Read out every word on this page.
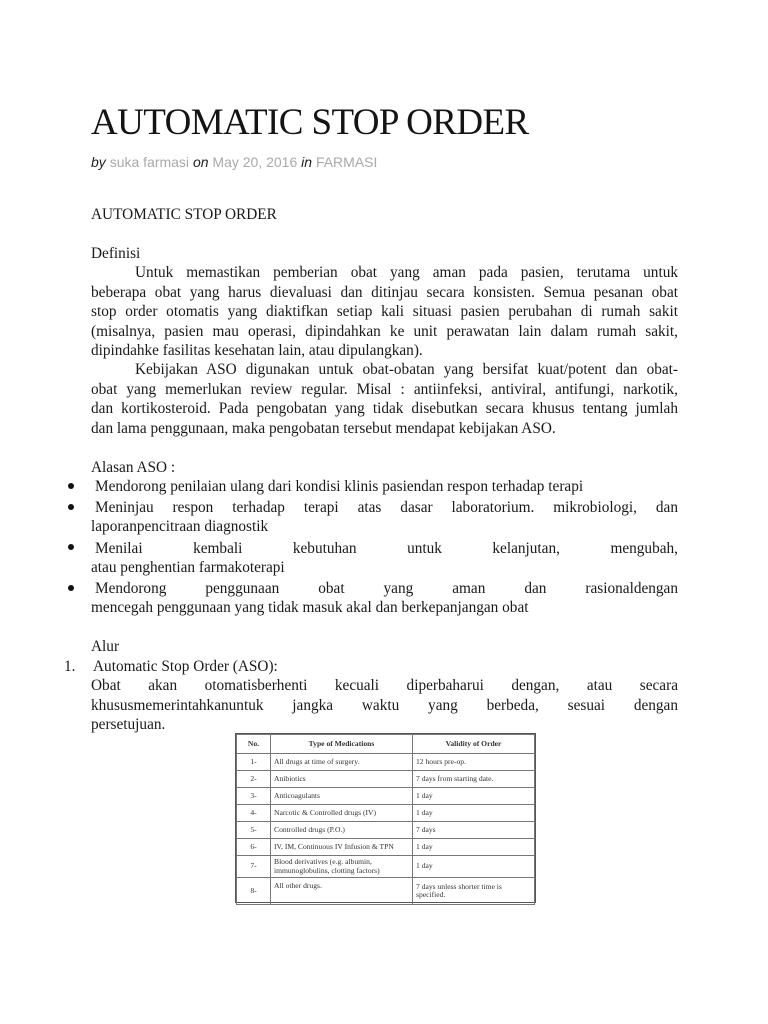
AUTOMATIC STOP ORDER
by suka farmasi on May 20, 2016 in FARMASI
AUTOMATIC STOP ORDER
Definisi
Untuk memastikan pemberian obat yang aman pada pasien, terutama untuk
beberapa obat yang harus dievaluasi dan ditinjau secara konsisten. Semua pesanan obat
stop order otomatis yang diaktifkan setiap kali situasi pasien perubahan di rumah sakit
(misalnya, pasien mau operasi, dipindahkan ke unit perawatan lain dalam rumah sakit,
dipindahke fasilitas kesehatan lain, atau dipulangkan).
Kebijakan ASO digunakan untuk obat-obatan yang bersifat kuat/potent dan obat-
obat yang memerlukan review regular. Misal : antiinfeksi, antiviral, antifungi, narkotik,
dan kortikosteroid. Pada pengobatan yang tidak disebutkan secara khusus tentang jumlah
dan lama penggunaan, maka pengobatan tersebut mendapat kebijakan ASO.
Alasan ASO :
Mendorong penilaian ulang dari kondisi klinis pasiendan respon terhadap terapi
Meninjau respon terhadap terapi atas dasar laboratorium. mikrobiologi, dan
laporanpencitraan diagnostik
Menilai kembali kebutuhan untuk kelanjutan, mengubah,
atau penghentian farmakoterapi
Mendorong penggunaan obat yang aman dan rasionaldengan
mencegah penggunaan yang tidak masuk akal dan berkepanjangan obat
Alur
1. Automatic Stop Order (ASO):
Obat akan otomatisberhenti kecuali diperbaharui dengan, atau secara
khususmemerintahkanuntuk jangka waktu yang berbeda, sesuai dengan
persetujuan.
No.	Type of Medications	Validity of Order
1-	All drugs at time of surgery.	12 hours pre-op.
2-	Anibiotics	7 days from starting date.
3-	Anticoagulants	1 day
4-	Narcotic & Controlled drugs (IV)	1 day
5-	Controlled drugs (P.O.)	7 days
6-	IV, IM, Continuous IV Infusion & TPN	1 day
7-	Blood derivatives (e.g. albumin, immunoglobulins, clotting factors)	1 day
8-	All other drugs.	7 days unless shorter time is specified.
